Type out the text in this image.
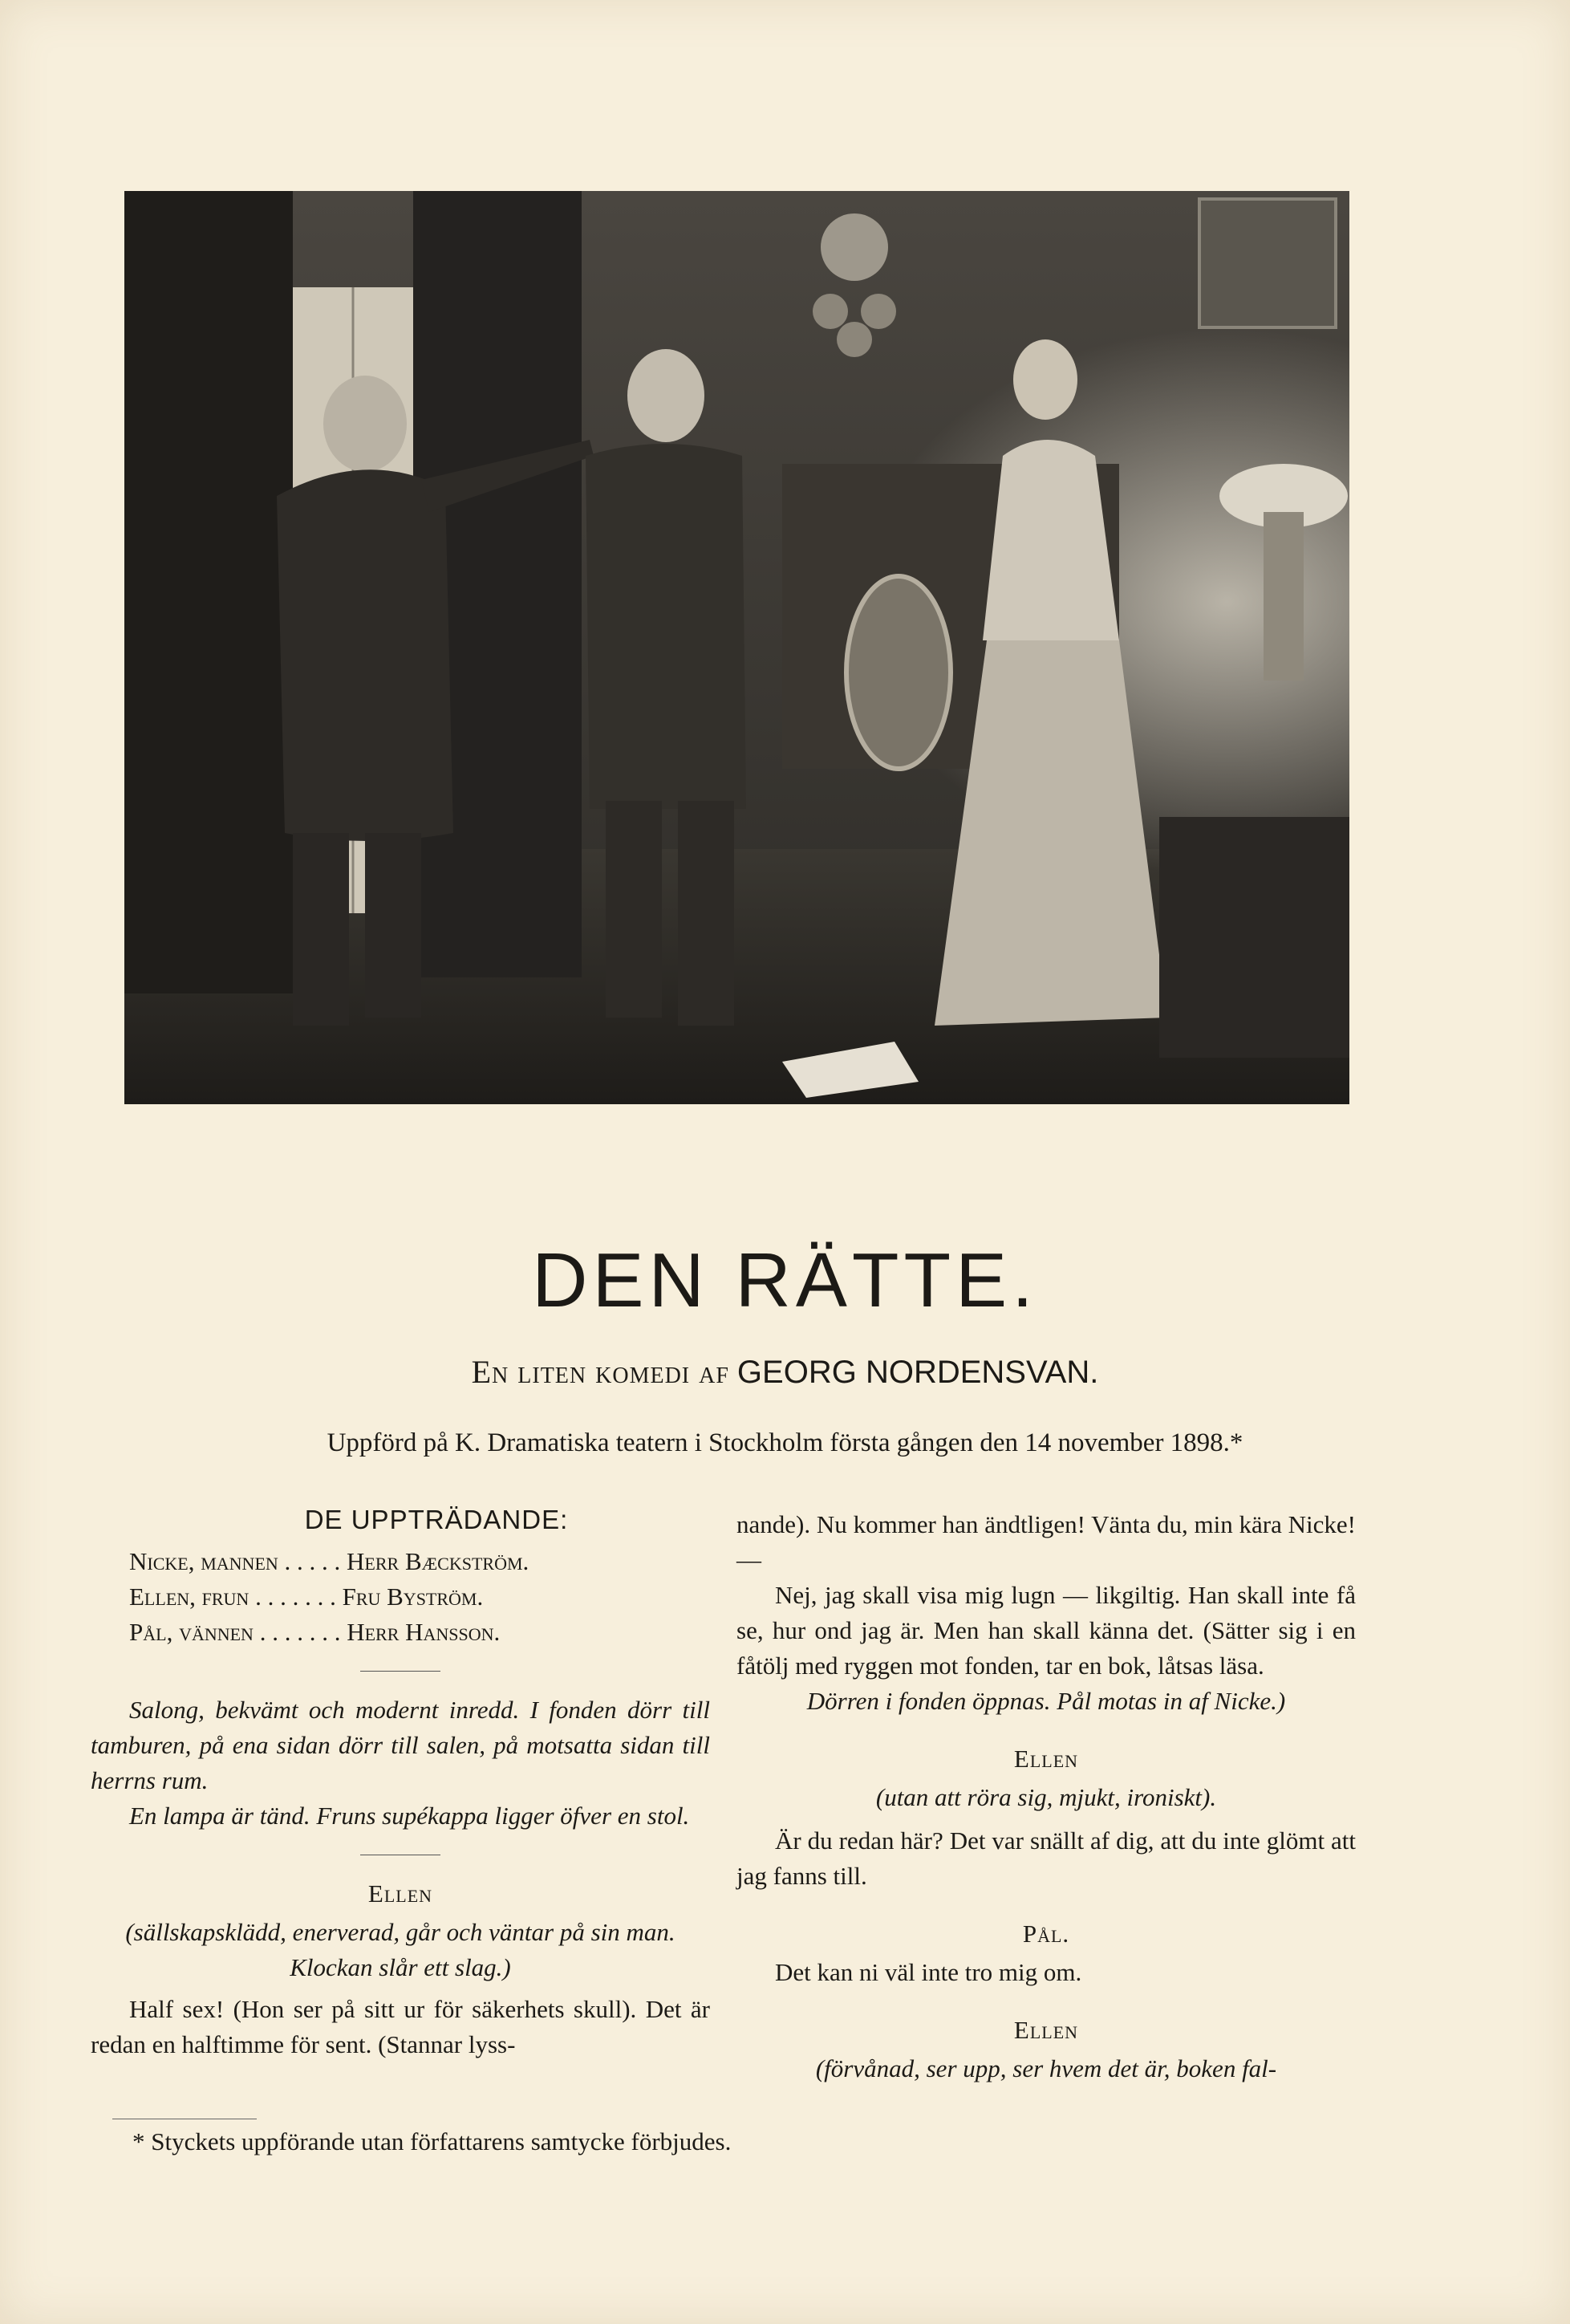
DEN RÄTTE.
En liten komedi af GEORG NORDENSVAN.
Uppförd på K. Dramatiska teatern i Stockholm första gången den 14 november 1898.*
DE UPPTRÄDANDE:
Nicke, mannen . . . . . Herr Bæckström.
Ellen, frun . . . . . . . Fru Byström.
Pål, vännen . . . . . . . Herr Hansson.
Salong, bekvämt och modernt inredd. I fonden dörr till tamburen, på ena sidan dörr till salen, på motsatta sidan till herrns rum.
En lampa är tänd. Fruns supékappa ligger öfver en stol.
Ellen
(sällskapsklädd, enerverad, går och väntar på sin man. Klockan slår ett slag.)
Half sex! (Hon ser på sitt ur för säkerhets skull). Det är redan en halftimme för sent. (Stannar lyss-
nande). Nu kommer han ändtligen! Vänta du, min kära Nicke! —
Nej, jag skall visa mig lugn — likgiltig. Han skall inte få se, hur ond jag är. Men han skall känna det. (Sätter sig i en fåtölj med ryggen mot fonden, tar en bok, låtsas läsa.
Dörren i fonden öppnas. Pål motas in af Nicke.)
Ellen
(utan att röra sig, mjukt, ironiskt).
Är du redan här? Det var snällt af dig, att du inte glömt att jag fanns till.
Pål.
Det kan ni väl inte tro mig om.
Ellen
(förvånad, ser upp, ser hvem det är, boken fal-
* Styckets uppförande utan författarens samtycke förbjudes.
